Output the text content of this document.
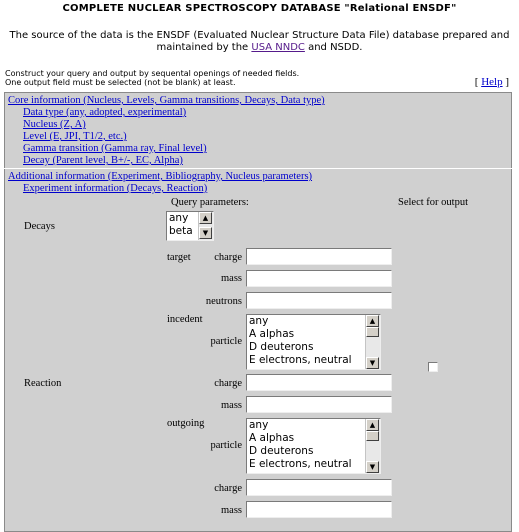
COMPLETE NUCLEAR SPECTROSCOPY DATABASE "Relational ENSDF"
The source of the data is the ENSDF (Evaluated Nuclear Structure Data File) database prepared and
maintained by the USA NNDC and NSDD.
Construct your query and output by sequental openings of needed fields.
One output field must be selected (not be blank) at least.	[ Help ]
Core information (Nucleus, Levels, Gamma transitions, Decays, Data type)
Data type (any, adopted, experimental)
Nucleus (Z, A)
Level (E, JPI, T1/2, etc.)
Gamma transition (Gamma ray, Final level)
Decay (Parent level, B+/-, EC, Alpha)
Additional information (Experiment, Bibliography, Nucleus parameters)
Experiment information (Decays, Reaction)
Query parameters:	Select for output
Decays
any
beta
▲
▼
target	charge
mass
neutrons
incedent
particle
any
A alphas
D deuterons
E electrons, neutral
▲
▼
Reaction	charge
mass
outgoing
particle
any
A alphas
D deuterons
E electrons, neutral
▲
▼
charge
mass
